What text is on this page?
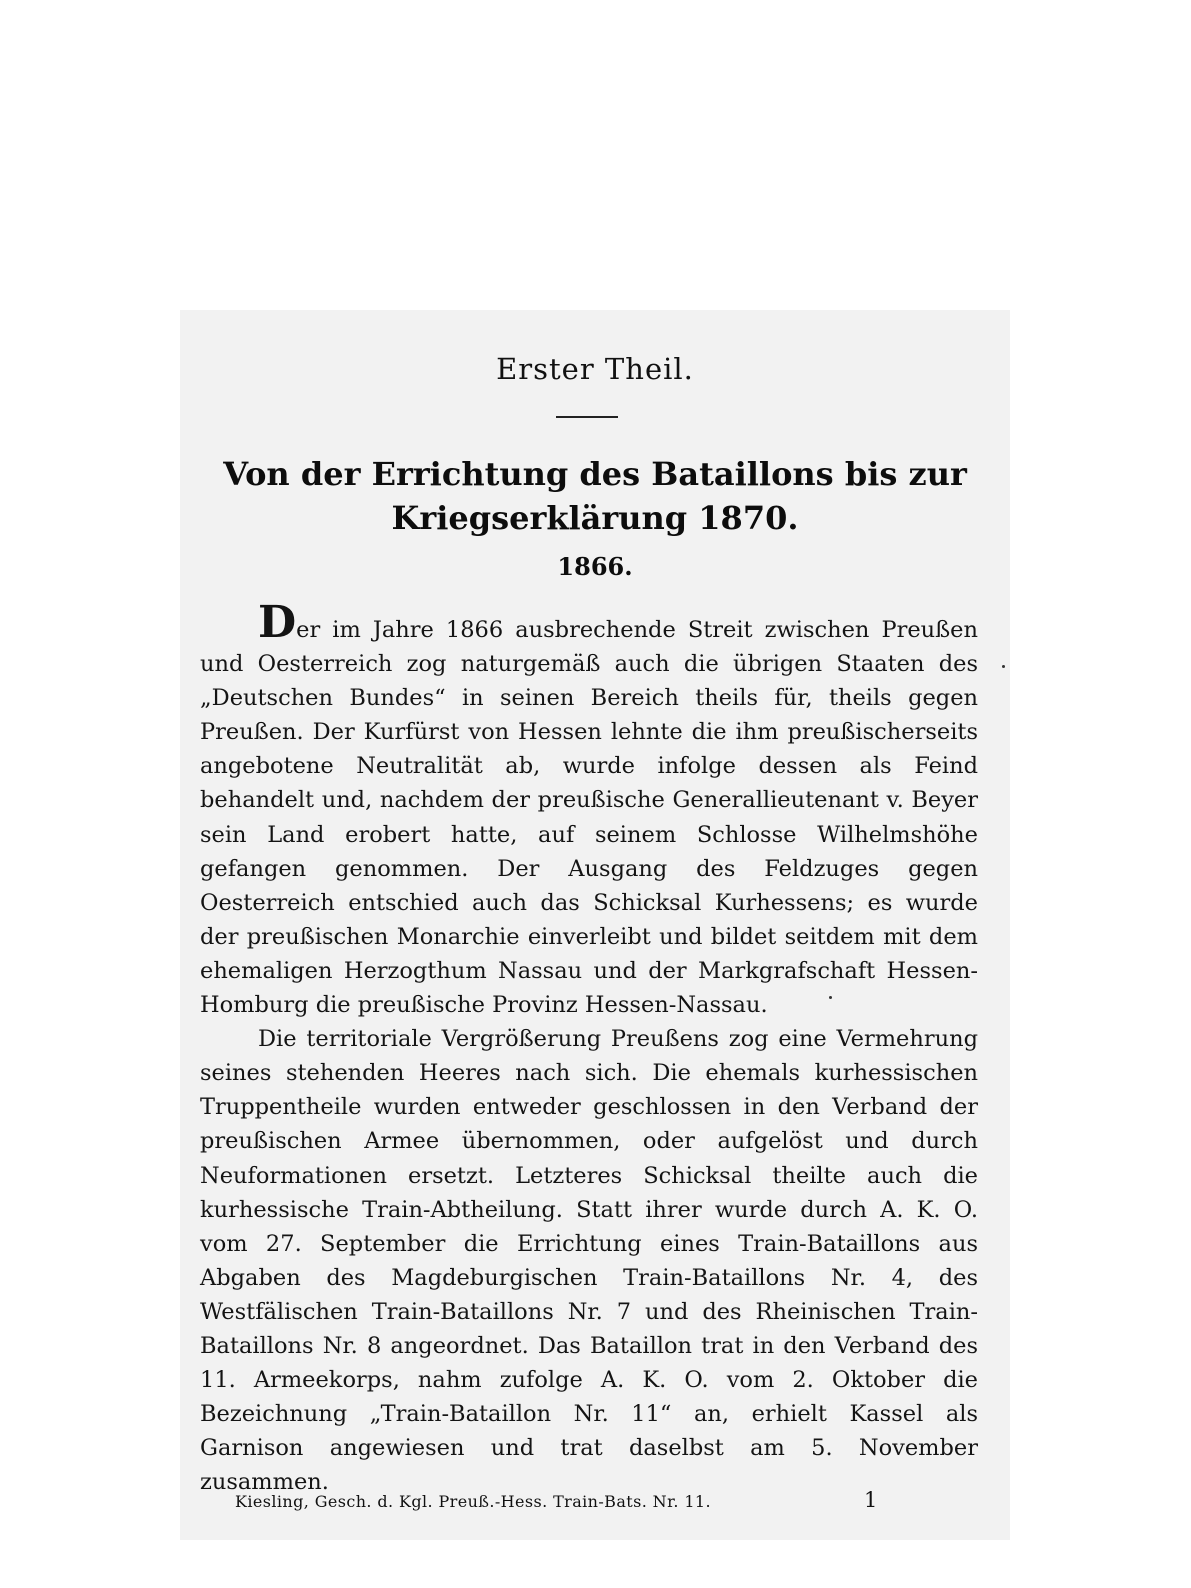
Erster Theil.
Von der Errichtung des Bataillons bis zur
Kriegserklärung 1870.
1866.

Der im Jahre 1866 ausbrechende Streit zwischen Preußen und Oesterreich zog naturgemäß auch die übrigen Staaten des „Deutschen Bundes“ in seinen Bereich theils für, theils gegen Preußen. Der Kurfürst von Hessen lehnte die ihm preußischerseits angebotene Neutralität ab, wurde infolge dessen als Feind behandelt und, nachdem der preußische Generallieutenant v. Beyer sein Land erobert hatte, auf seinem Schlosse Wilhelmshöhe gefangen genommen. Der Ausgang des Feldzuges gegen Oesterreich entschied auch das Schicksal Kurhessens; es wurde der preußischen Monarchie einverleibt und bildet seitdem mit dem ehemaligen Herzogthum Nassau und der Markgrafschaft Hessen-Homburg die preußische Provinz Hessen-Nassau.

Die territoriale Vergrößerung Preußens zog eine Vermehrung seines stehenden Heeres nach sich. Die ehemals kurhessischen Truppentheile wurden entweder geschlossen in den Verband der preußischen Armee übernommen, oder aufgelöst und durch Neuformationen ersetzt. Letzteres Schicksal theilte auch die kurhessische Train-Abtheilung. Statt ihrer wurde durch A. K. O. vom 27. September die Errichtung eines Train-Bataillons aus Abgaben des Magdeburgischen Train-Bataillons Nr. 4, des Westfälischen Train-Bataillons Nr. 7 und des Rheinischen Train-Bataillons Nr. 8 angeordnet. Das Bataillon trat in den Verband des 11. Armeekorps, nahm zufolge A. K. O. vom 2. Oktober die Bezeichnung „Train-Bataillon Nr. 11“ an, erhielt Kassel als Garnison angewiesen und trat daselbst am 5. November zusammen.

Kiesling, Gesch. d. Kgl. Preuß.-Hess. Train-Bats. Nr. 11.	1
